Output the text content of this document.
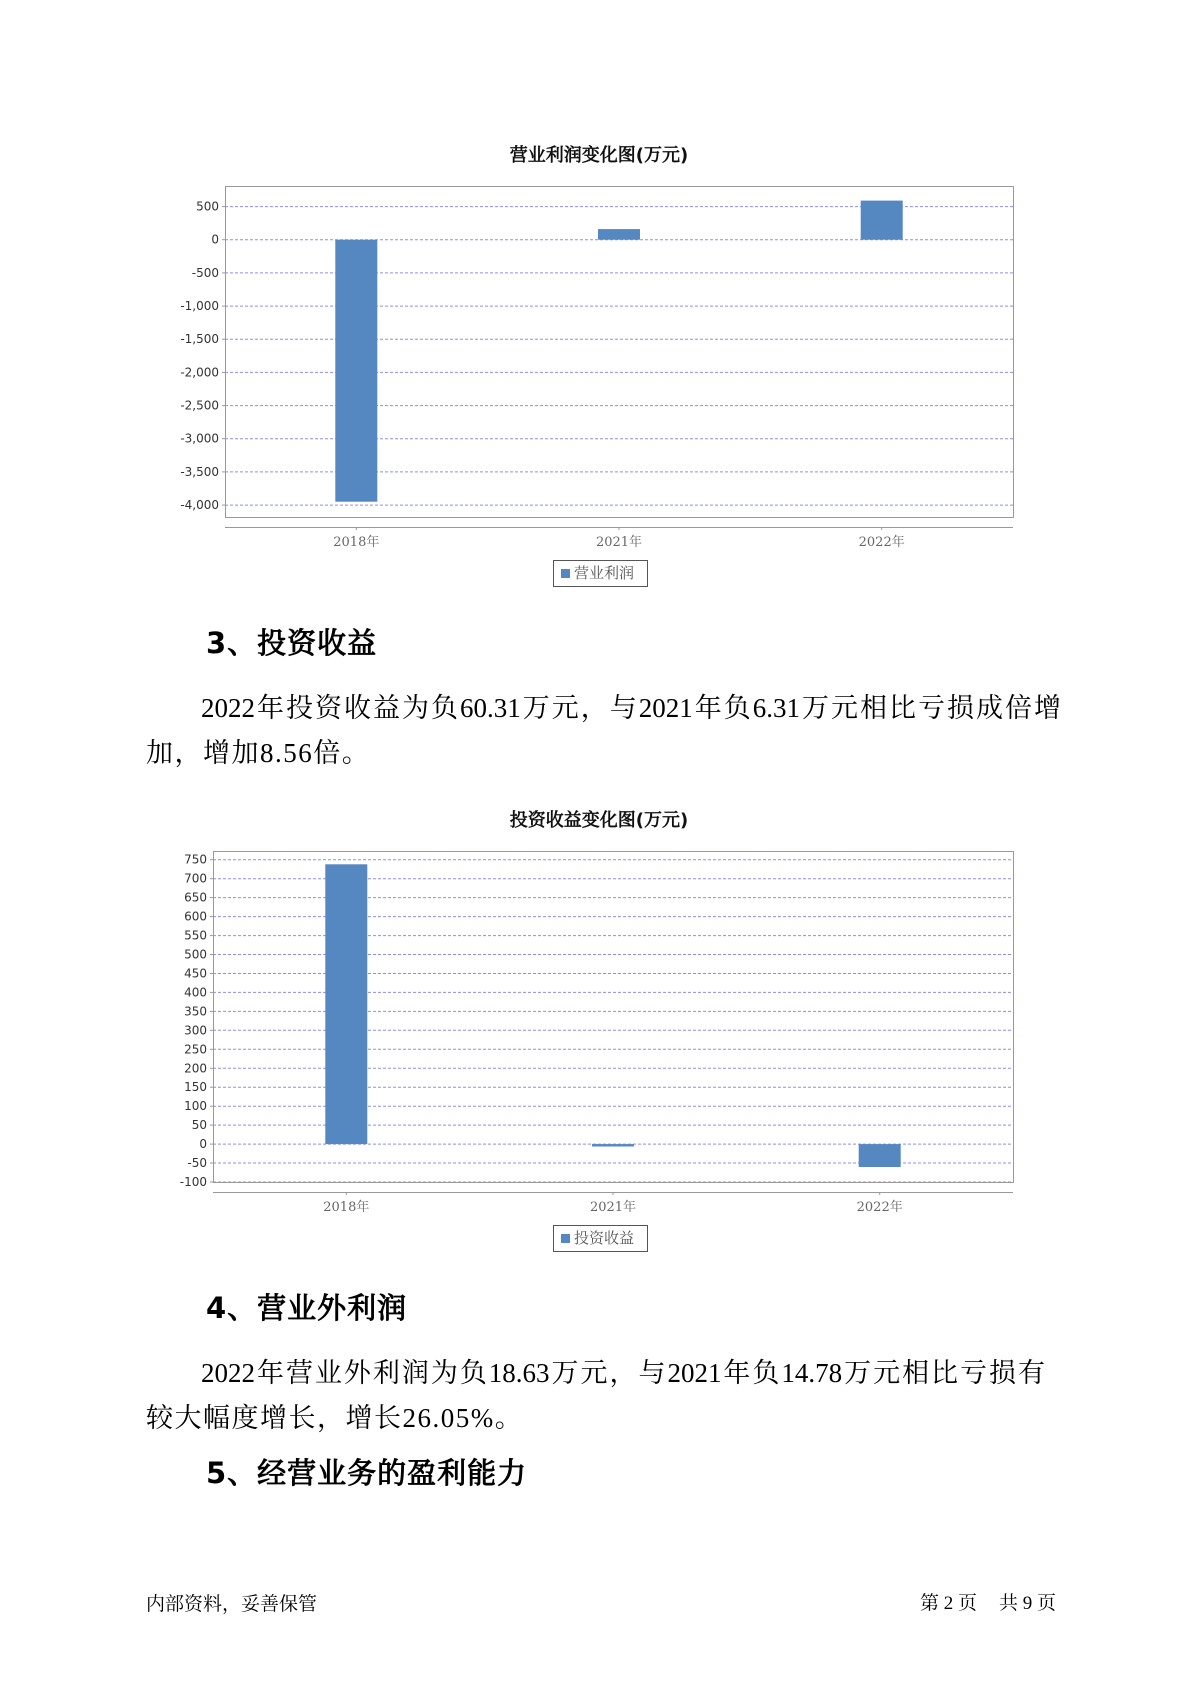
营业利润变化图(万元)
500
0
-500
-1,000
-1,500
-2,000
-2,500
-3,000
-3,500
-4,000
2018年	2021年	2022年
营业利润
3、投资收益
2022年投资收益为负60.31万元，与2021年负6.31万元相比亏损成倍增
加，增加8.56倍。
投资收益变化图(万元)
750
700
650
600
550
500
450
400
350
300
250
200
150
100
50
0
-50
-100
2018年	2021年	2022年
投资收益
4、营业外利润
2022年营业外利润为负18.63万元，与2021年负14.78万元相比亏损有
较大幅度增长，增长26.05%。
5、经营业务的盈利能力
内部资料，妥善保管	第 2 页 共 9 页
